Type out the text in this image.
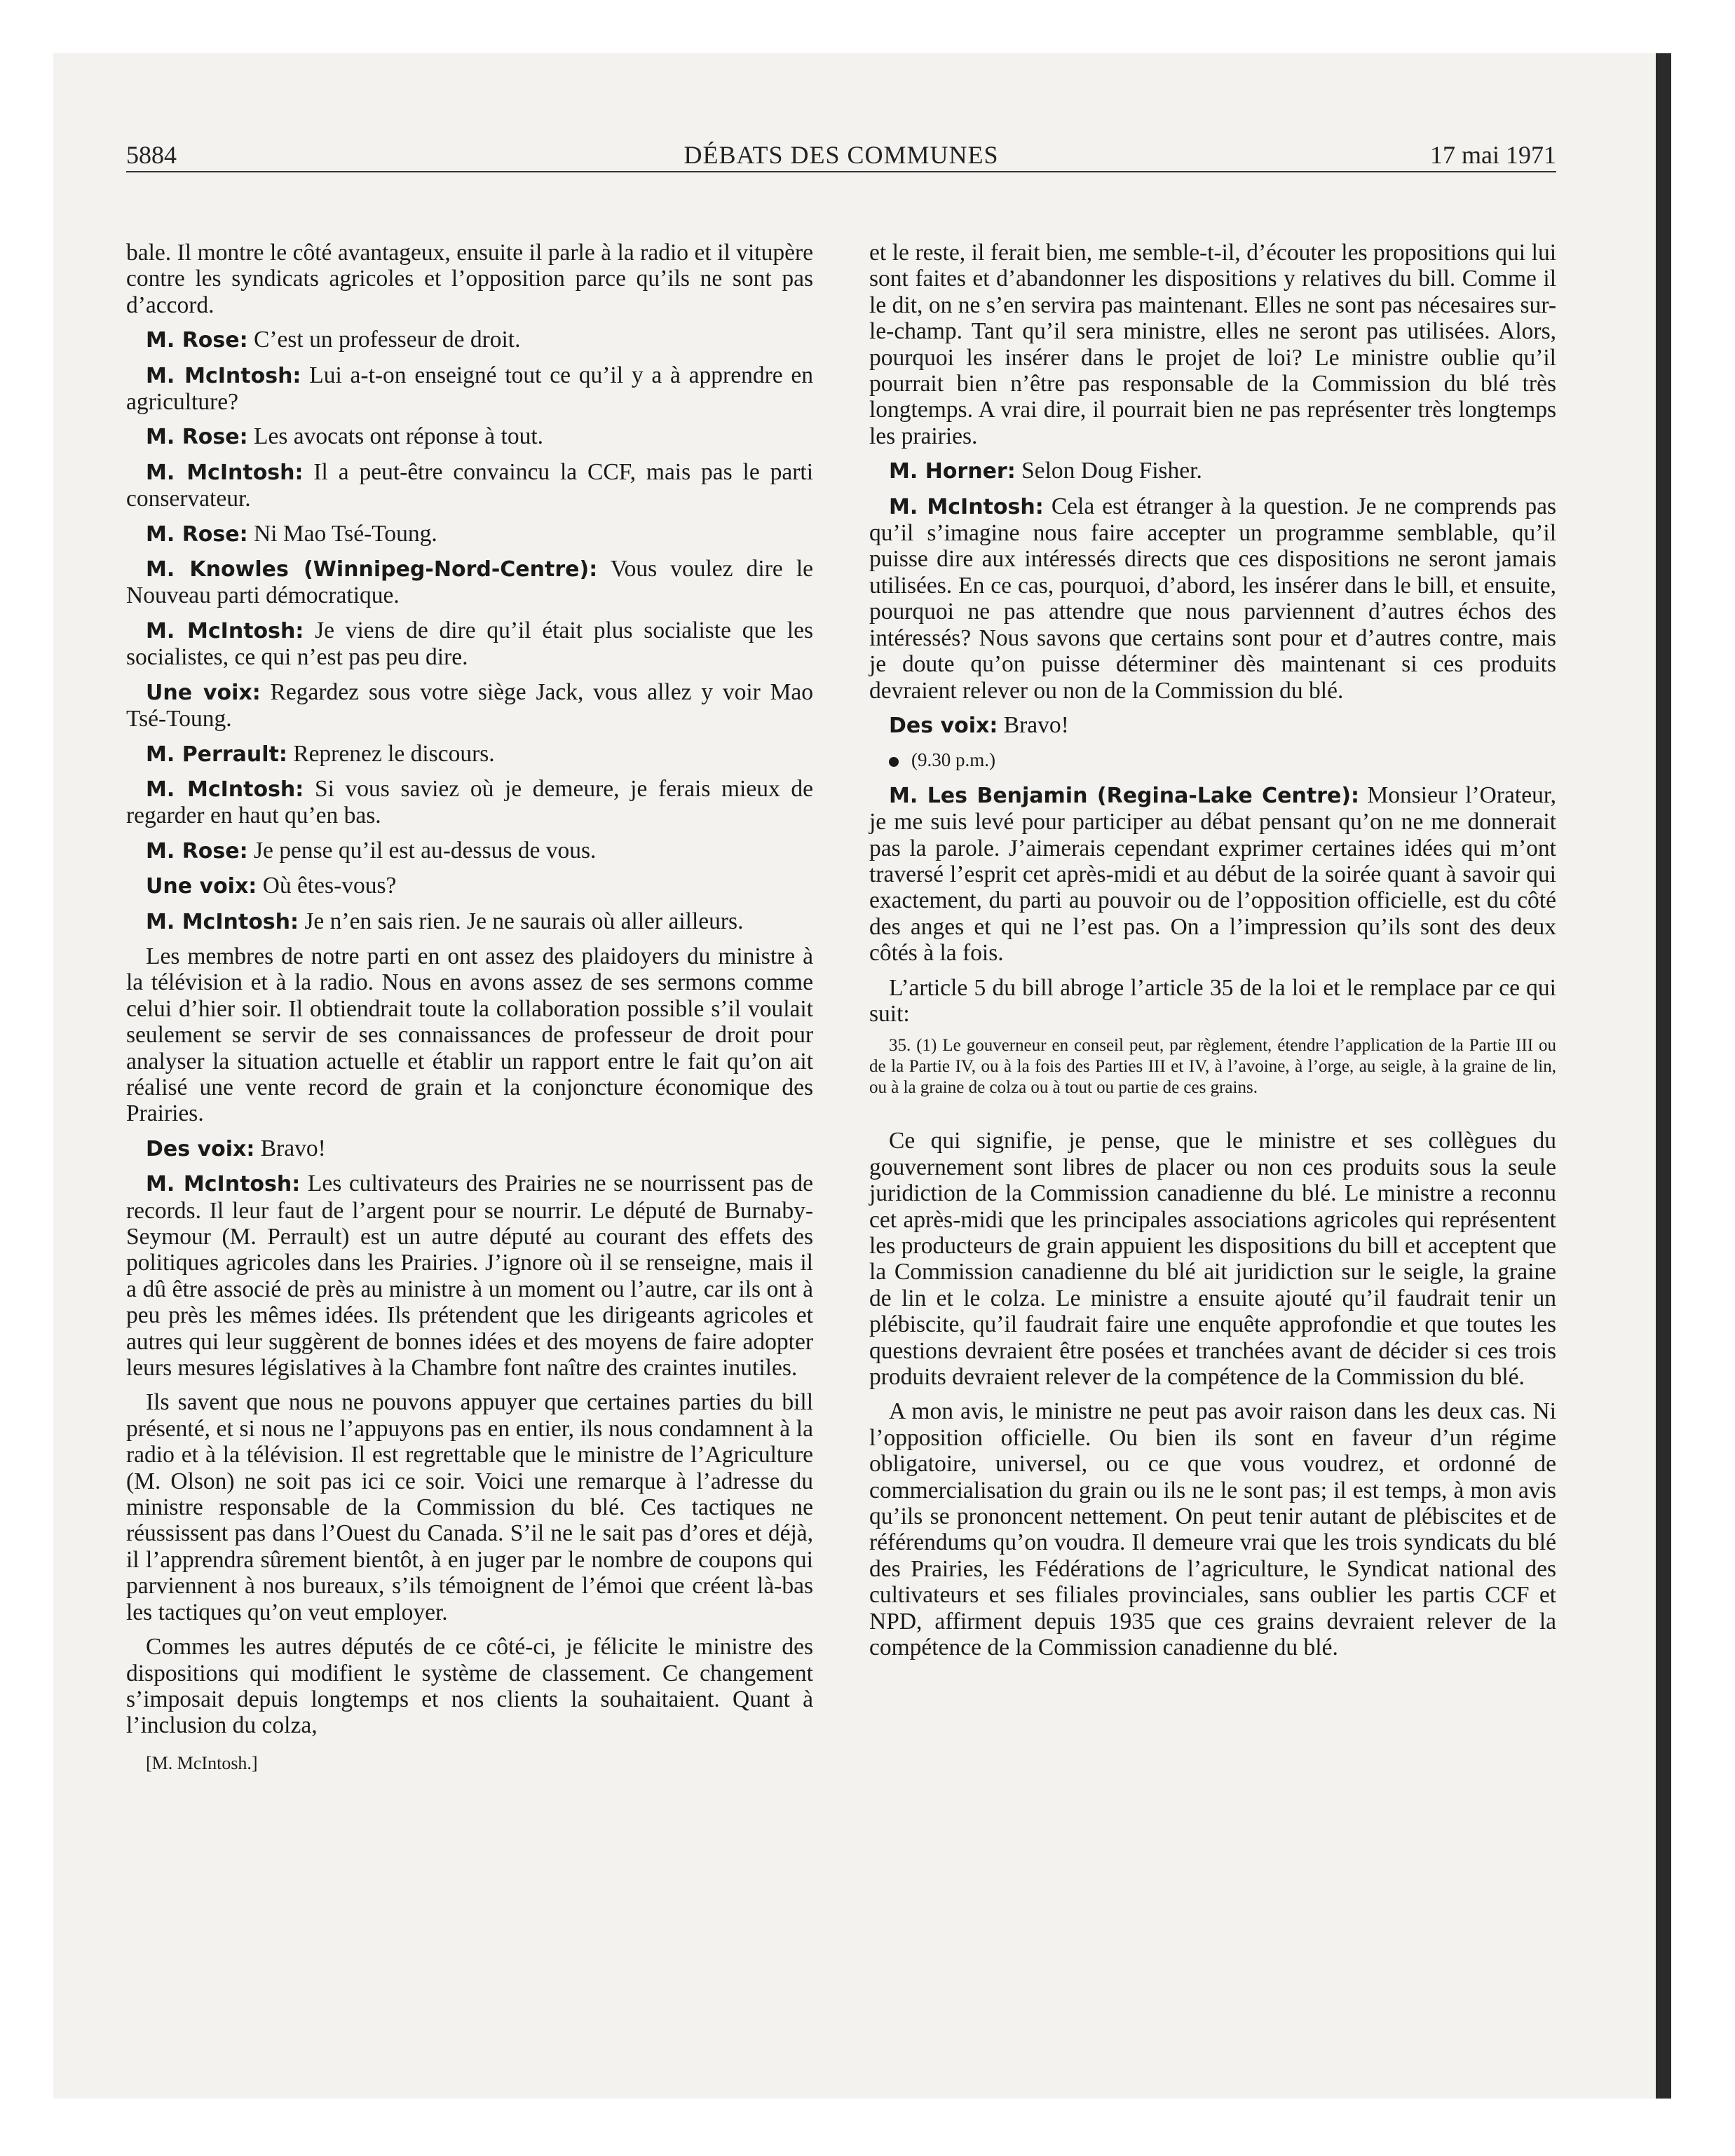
5884	DÉBATS DES COMMUNES	17 mai 1971

bale. Il montre le côté avantageux, ensuite il parle à la radio et il vitupère contre les syndicats agricoles et l’opposition parce qu’ils ne sont pas d’accord.

M. Rose: C’est un professeur de droit.

M. McIntosh: Lui a-t-on enseigné tout ce qu’il y a à apprendre en agriculture?

M. Rose: Les avocats ont réponse à tout.

M. McIntosh: Il a peut-être convaincu la CCF, mais pas le parti conservateur.

M. Rose: Ni Mao Tsé-Toung.

M. Knowles (Winnipeg-Nord-Centre): Vous voulez dire le Nouveau parti démocratique.

M. McIntosh: Je viens de dire qu’il était plus socialiste que les socialistes, ce qui n’est pas peu dire.

Une voix: Regardez sous votre siège Jack, vous allez y voir Mao Tsé-Toung.

M. Perrault: Reprenez le discours.

M. McIntosh: Si vous saviez où je demeure, je ferais mieux de regarder en haut qu’en bas.

M. Rose: Je pense qu’il est au-dessus de vous.

Une voix: Où êtes-vous?

M. McIntosh: Je n’en sais rien. Je ne saurais où aller ailleurs.

Les membres de notre parti en ont assez des plaidoyers du ministre à la télévision et à la radio. Nous en avons assez de ses sermons comme celui d’hier soir. Il obtiendrait toute la collaboration possible s’il voulait seulement se servir de ses connaissances de professeur de droit pour analyser la situation actuelle et établir un rapport entre le fait qu’on ait réalisé une vente record de grain et la conjoncture économique des Prairies.

Des voix: Bravo!

M. McIntosh: Les cultivateurs des Prairies ne se nourrissent pas de records. Il leur faut de l’argent pour se nourrir. Le député de Burnaby-Seymour (M. Perrault) est un autre député au courant des effets des politiques agricoles dans les Prairies. J’ignore où il se renseigne, mais il a dû être associé de près au ministre à un moment ou l’autre, car ils ont à peu près les mêmes idées. Ils prétendent que les dirigeants agricoles et autres qui leur suggèrent de bonnes idées et des moyens de faire adopter leurs mesures législatives à la Chambre font naître des craintes inutiles.

Ils savent que nous ne pouvons appuyer que certaines parties du bill présenté, et si nous ne l’appuyons pas en entier, ils nous condamnent à la radio et à la télévision. Il est regrettable que le ministre de l’Agriculture (M. Olson) ne soit pas ici ce soir. Voici une remarque à l’adresse du ministre responsable de la Commission du blé. Ces tactiques ne réussissent pas dans l’Ouest du Canada. S’il ne le sait pas d’ores et déjà, il l’apprendra sûrement bientôt, à en juger par le nombre de coupons qui parviennent à nos bureaux, s’ils témoignent de l’émoi que créent là-bas les tactiques qu’on veut employer.

Commes les autres députés de ce côté-ci, je félicite le ministre des dispositions qui modifient le système de classement. Ce changement s’imposait depuis longtemps et nos clients la souhaitaient. Quant à l’inclusion du colza,

[M. McIntosh.]

et le reste, il ferait bien, me semble-t-il, d’écouter les propositions qui lui sont faites et d’abandonner les dispositions y relatives du bill. Comme il le dit, on ne s’en servira pas maintenant. Elles ne sont pas nécesaires sur-le-champ. Tant qu’il sera ministre, elles ne seront pas utilisées. Alors, pourquoi les insérer dans le projet de loi? Le ministre oublie qu’il pourrait bien n’être pas responsable de la Commission du blé très longtemps. A vrai dire, il pourrait bien ne pas représenter très longtemps les prairies.

M. Horner: Selon Doug Fisher.

M. McIntosh: Cela est étranger à la question. Je ne comprends pas qu’il s’imagine nous faire accepter un programme semblable, qu’il puisse dire aux intéressés directs que ces dispositions ne seront jamais utilisées. En ce cas, pourquoi, d’abord, les insérer dans le bill, et ensuite, pourquoi ne pas attendre que nous parviennent d’autres échos des intéressés? Nous savons que certains sont pour et d’autres contre, mais je doute qu’on puisse déterminer dès maintenant si ces produits devraient relever ou non de la Commission du blé.

Des voix: Bravo!

(9.30 p.m.)

M. Les Benjamin (Regina-Lake Centre): Monsieur l’Orateur, je me suis levé pour participer au débat pensant qu’on ne me donnerait pas la parole. J’aimerais cependant exprimer certaines idées qui m’ont traversé l’esprit cet après-midi et au début de la soirée quant à savoir qui exactement, du parti au pouvoir ou de l’opposition officielle, est du côté des anges et qui ne l’est pas. On a l’impression qu’ils sont des deux côtés à la fois.

L’article 5 du bill abroge l’article 35 de la loi et le remplace par ce qui suit:

35. (1) Le gouverneur en conseil peut, par règlement, étendre l’application de la Partie III ou de la Partie IV, ou à la fois des Parties III et IV, à l’avoine, à l’orge, au seigle, à la graine de lin, ou à la graine de colza ou à tout ou partie de ces grains.

Ce qui signifie, je pense, que le ministre et ses collègues du gouvernement sont libres de placer ou non ces produits sous la seule juridiction de la Commission canadienne du blé. Le ministre a reconnu cet après-midi que les principales associations agricoles qui représentent les producteurs de grain appuient les dispositions du bill et acceptent que la Commission canadienne du blé ait juridiction sur le seigle, la graine de lin et le colza. Le ministre a ensuite ajouté qu’il faudrait tenir un plébiscite, qu’il faudrait faire une enquête approfondie et que toutes les questions devraient être posées et tranchées avant de décider si ces trois produits devraient relever de la compétence de la Commission du blé.

A mon avis, le ministre ne peut pas avoir raison dans les deux cas. Ni l’opposition officielle. Ou bien ils sont en faveur d’un régime obligatoire, universel, ou ce que vous voudrez, et ordonné de commercialisation du grain ou ils ne le sont pas; il est temps, à mon avis qu’ils se prononcent nettement. On peut tenir autant de plébiscites et de référendums qu’on voudra. Il demeure vrai que les trois syndicats du blé des Prairies, les Fédérations de l’agriculture, le Syndicat national des cultivateurs et ses filiales provinciales, sans oublier les partis CCF et NPD, affirment depuis 1935 que ces grains devraient relever de la compétence de la Commission canadienne du blé.
